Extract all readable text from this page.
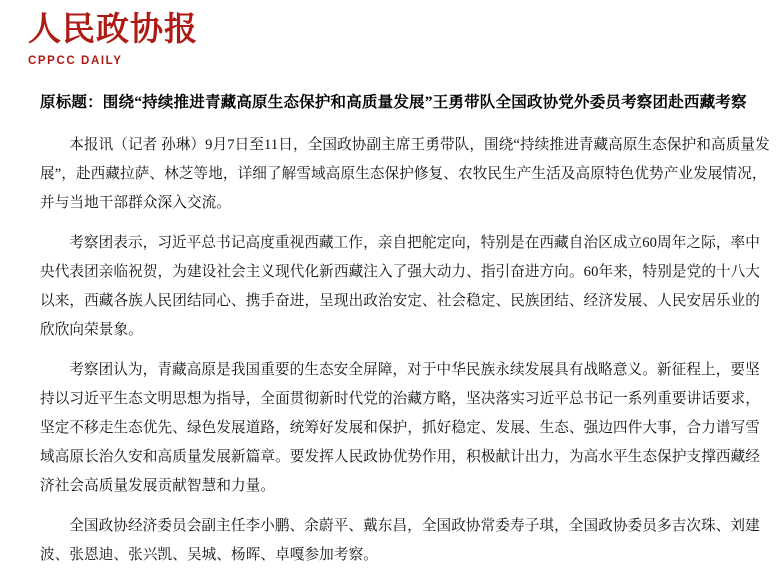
人民政协报
CPPCC DAILY
原标题：围绕“持续推进青藏高原生态保护和高质量发展”王勇带队全国政协党外委员考察团赴西藏考察

本报讯（记者 孙琳）9月7日至11日，全国政协副主席王勇带队，围绕“持续推进青藏高原生态保护和高质量发展”，赴西藏拉萨、林芝等地，详细了解雪域高原生态保护修复、农牧民生产生活及高原特色优势产业发展情况，并与当地干部群众深入交流。

考察团表示，习近平总书记高度重视西藏工作，亲自把舵定向，特别是在西藏自治区成立60周年之际，率中央代表团亲临祝贺，为建设社会主义现代化新西藏注入了强大动力、指引奋进方向。60年来，特别是党的十八大以来，西藏各族人民团结同心、携手奋进，呈现出政治安定、社会稳定、民族团结、经济发展、人民安居乐业的欣欣向荣景象。

考察团认为，青藏高原是我国重要的生态安全屏障，对于中华民族永续发展具有战略意义。新征程上，要坚持以习近平生态文明思想为指导，全面贯彻新时代党的治藏方略，坚决落实习近平总书记一系列重要讲话要求，坚定不移走生态优先、绿色发展道路，统筹好发展和保护，抓好稳定、发展、生态、强边四件大事，合力谱写雪域高原长治久安和高质量发展新篇章。要发挥人民政协优势作用，积极献计出力，为高水平生态保护支撑西藏经济社会高质量发展贡献智慧和力量。

全国政协经济委员会副主任李小鹏、余蔚平、戴东昌，全国政协常委寿子琪，全国政协委员多吉次珠、刘建波、张恩迪、张兴凯、吴城、杨晖、卓嘎参加考察。
